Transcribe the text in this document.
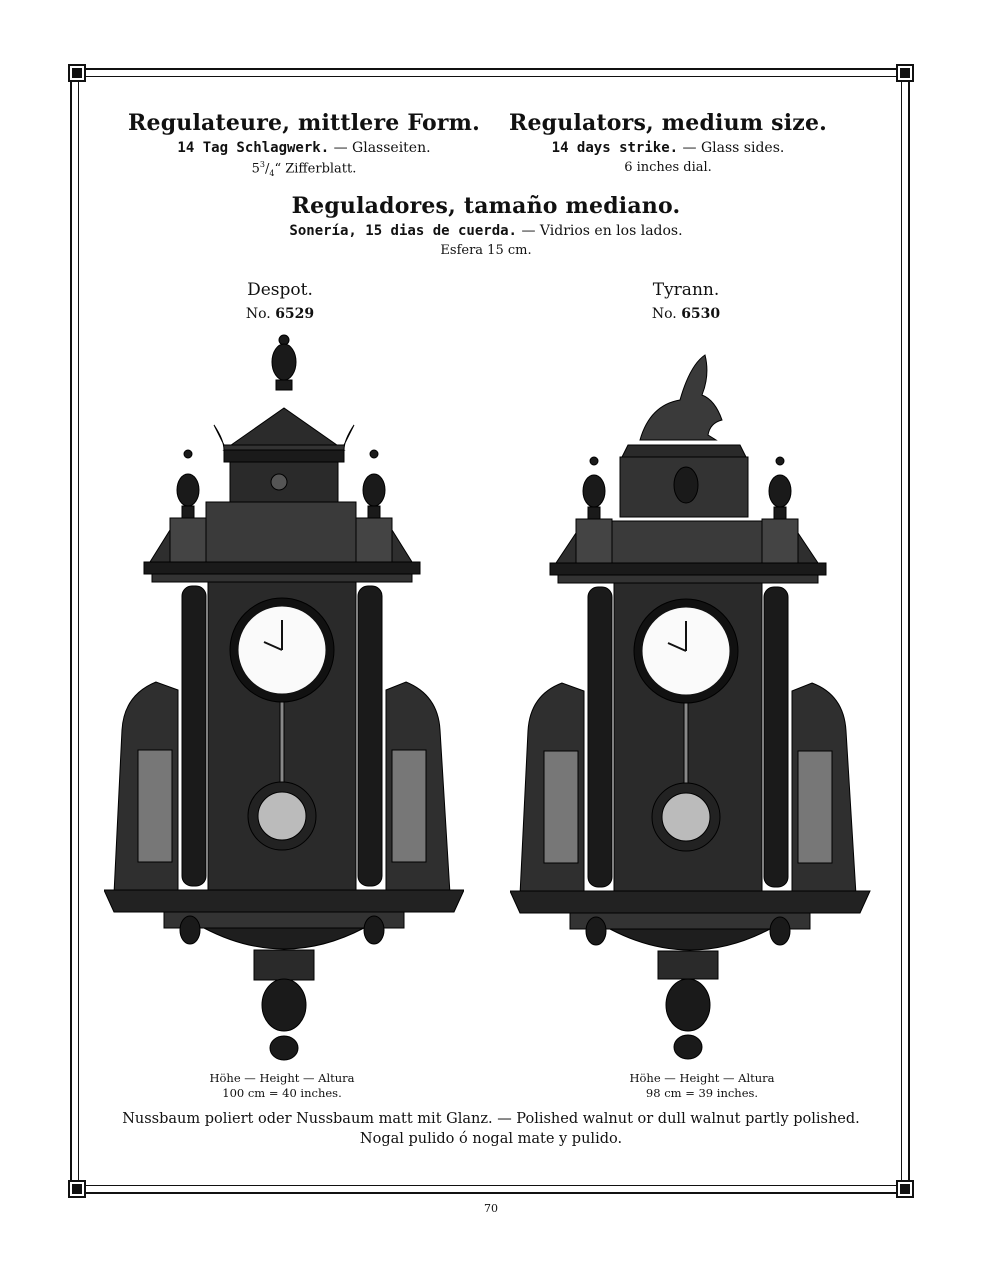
Regulateure, mittlere Form.
14 Tag Schlagwerk. — Glasseiten.
$5^3/_4“$ Zifferblatt.
Regulators, medium size.
14 days strike. — Glass sides.
6 inches dial.
Reguladores, tamaño mediano.
Sonería, 15 dias de cuerda. — Vidrios en los lados.
Esfera 15 cm.
Despot.
No. 6529
Tyrann.
No. 6530
Höhe — Height — Altura
100 cm = 40 inches.
Höhe — Height — Altura
98 cm = 39 inches.
Nussbaum poliert oder Nussbaum matt mit Glanz. — Polished walnut or dull walnut partly polished.
Nogal pulido ó nogal mate y pulido.
70
